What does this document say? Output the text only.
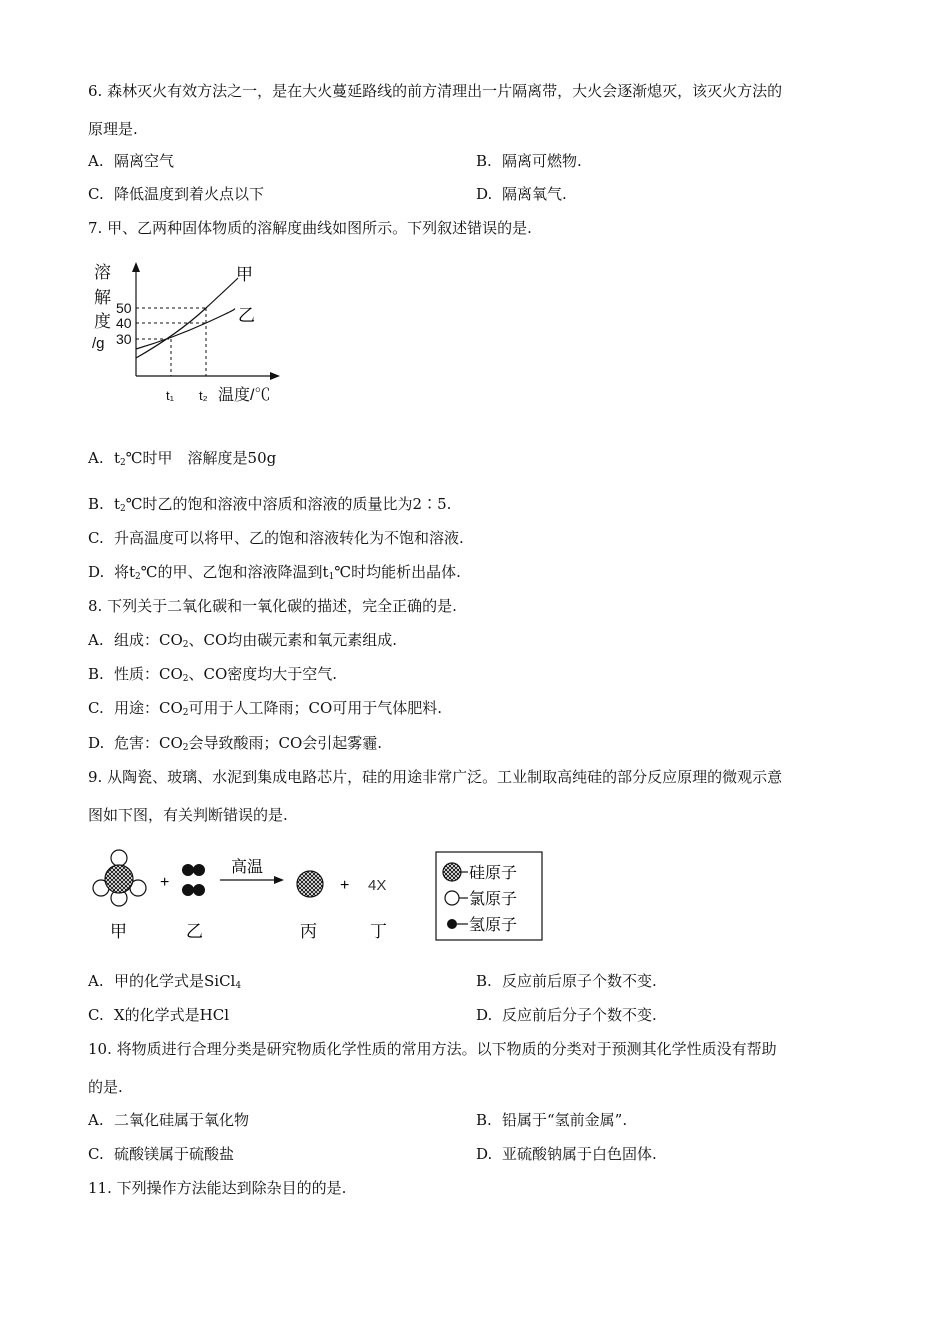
6. 森林灭火有效方法之一，是在大火蔓延路线的前方清理出一片隔离带，大火会逐渐熄灭，该灭火方法的
原理是.
A. 隔离空气	B. 隔离可燃物.
C. 降低温度到着火点以下	D. 隔离氧气.
7. 甲、乙两种固体物质的溶解度曲线如图所示。下列叙述错误的是.
溶
解
度
/g
50
40
30
t₁ t₂ 温度/℃
甲
乙
A. $t_2℃$时甲　溶解度是50g
B. $t_2℃$时乙的饱和溶液中溶质和溶液的质量比为2∶5.
C. 升高温度可以将甲、乙的饱和溶液转化为不饱和溶液.
D. 将$t_2℃$的甲、乙饱和溶液降温到$t_1℃$时均能析出晶体.
8. 下列关于二氧化碳和一氧化碳的描述，完全正确的是.
A. 组成：$CO_2$、CO均由碳元素和氧元素组成.
B. 性质：$CO_2$、CO密度均大于空气.
C. 用途：$CO_2$可用于人工降雨；CO可用于气体肥料.
D. 危害：$CO_2$会导致酸雨；CO会引起雾霾.
9. 从陶瓷、玻璃、水泥到集成电路芯片，硅的用途非常广泛。工业制取高纯硅的部分反应原理的微观示意
图如下图，有关判断错误的是.
+
高温
+ 4X
甲	乙	丙	丁
硅原子
氯原子
氢原子
A. 甲的化学式是SiCl$_4$	B. 反应前后原子个数不变.
C. X的化学式是HCl	D. 反应前后分子个数不变.
10. 将物质进行合理分类是研究物质化学性质的常用方法。以下物质的分类对于预测其化学性质没有帮助
的是.
A. 二氧化硅属于氧化物	B. 铅属于“氢前金属”.
C. 硫酸镁属于硫酸盐	D. 亚硫酸钠属于白色固体.
11. 下列操作方法能达到除杂目的的是.
